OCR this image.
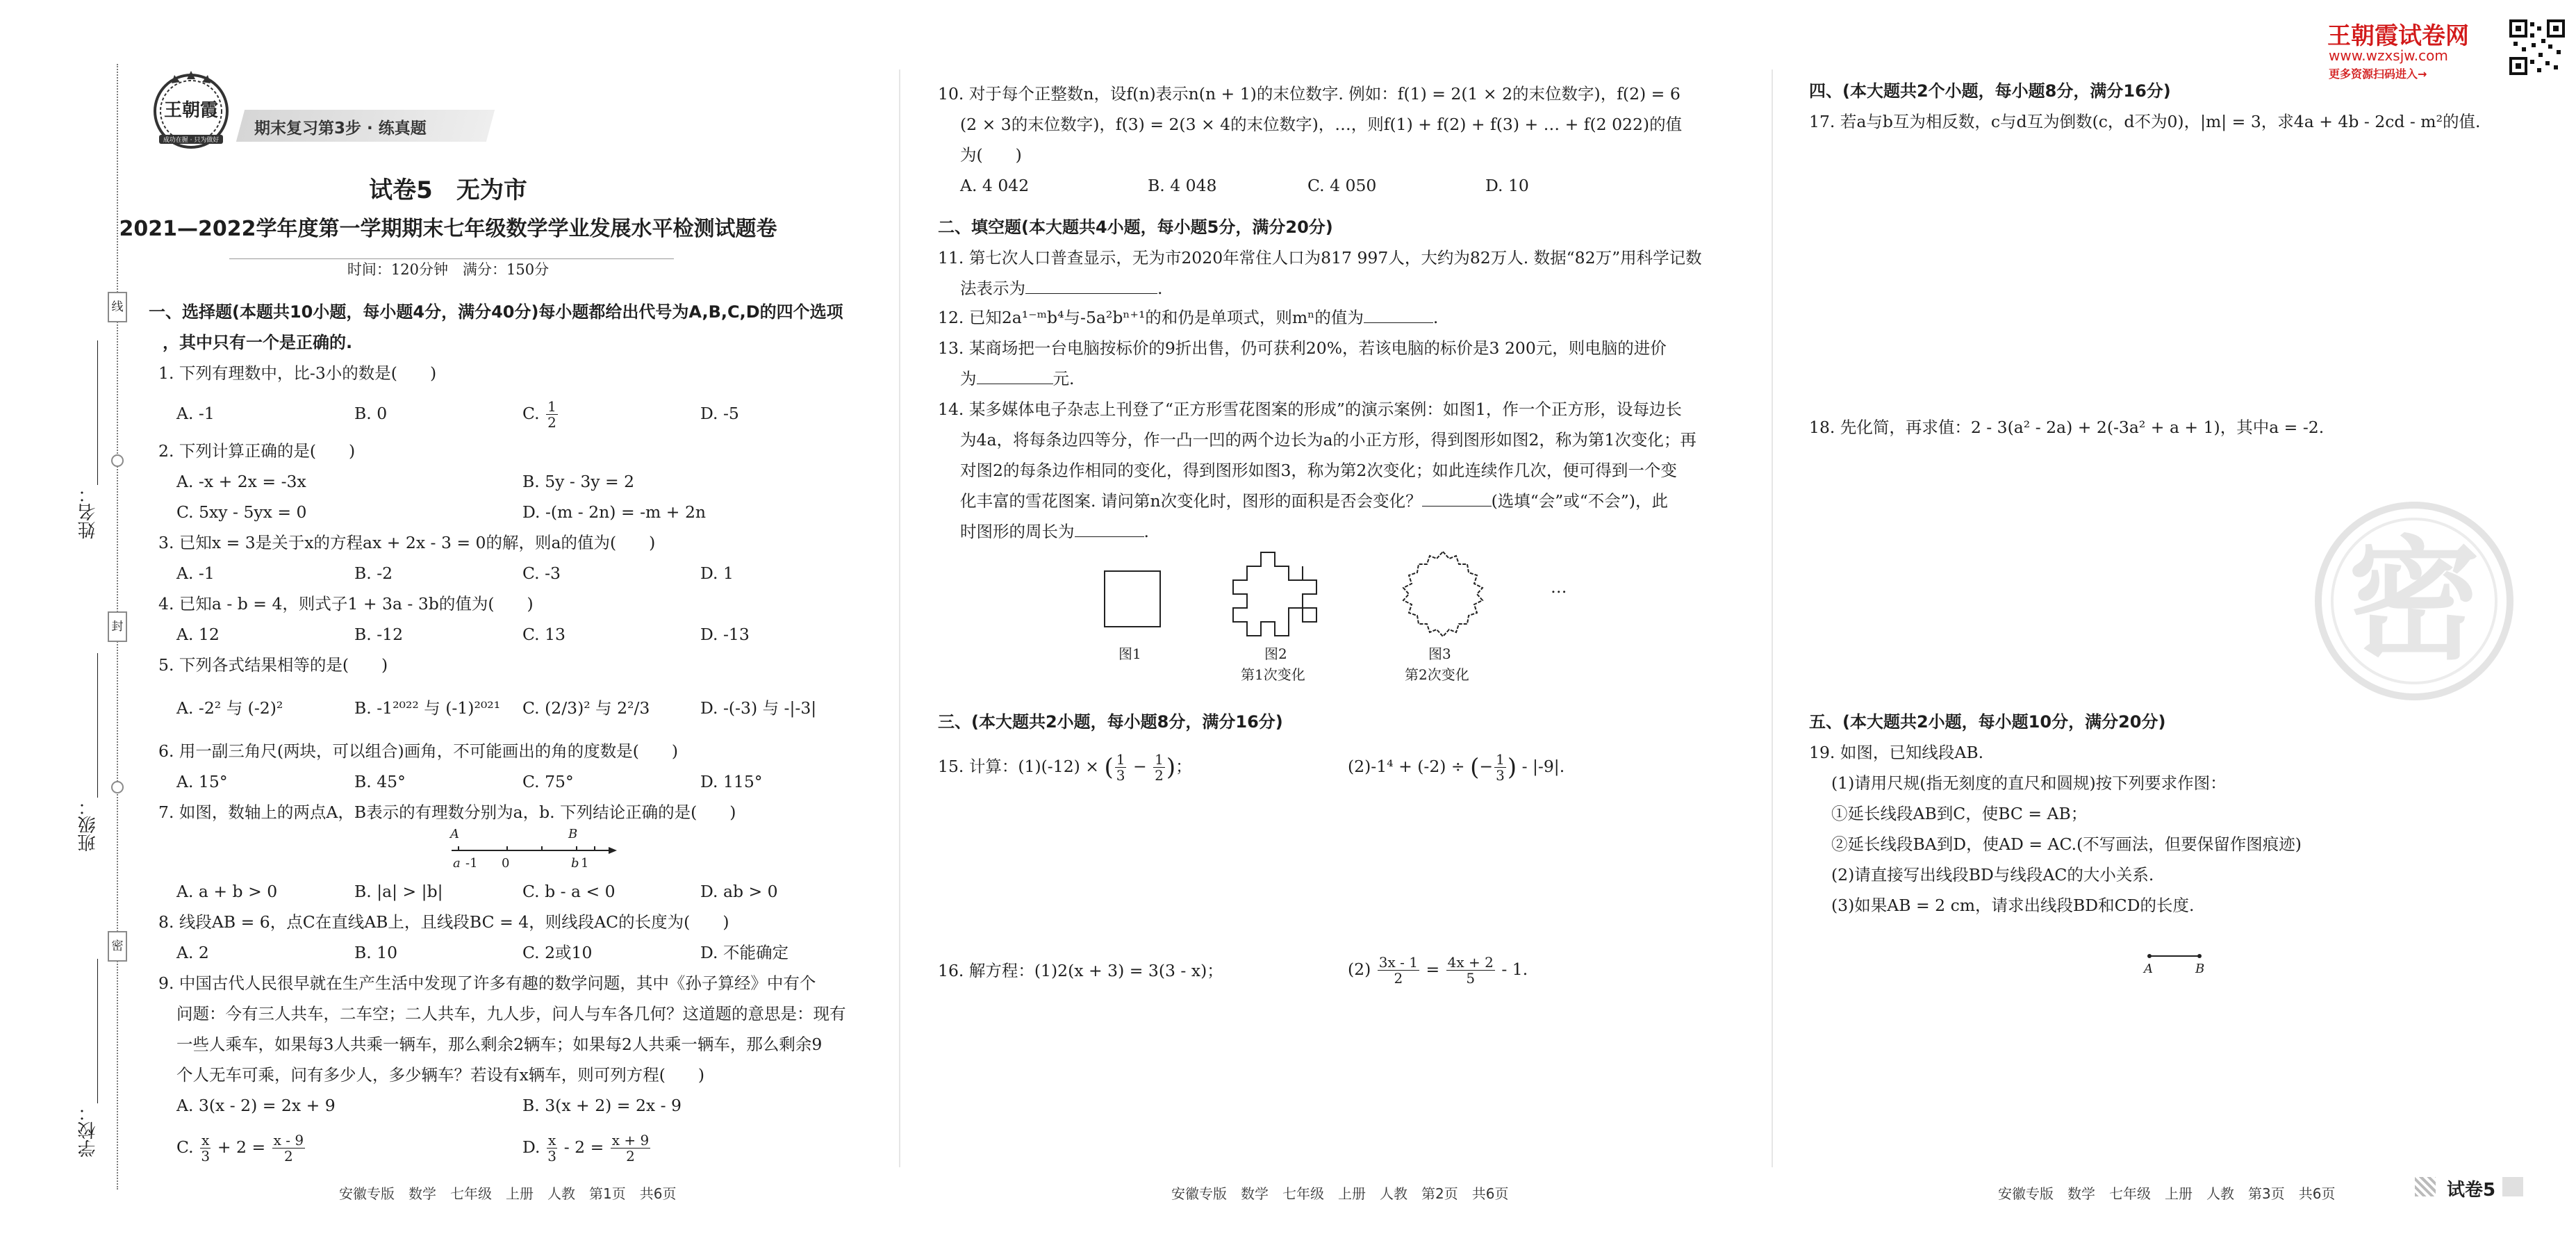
姓名：________________
班级：________________
学校：________________
线
封
密
王朝霞
成功在握 · 只为做好
期末复习第3步 · 练真题
试卷5　无为市
2021—2022学年度第一学期期末七年级数学学业发展水平检测试题卷
时间：120分钟　满分：150分
一、选择题(本题共10小题，每小题4分，满分40分)每小题都给出代号为A,B,C,D的四个选项
，其中只有一个是正确的.
1. 下列有理数中，比-3小的数是(　　)
A. -1	B. 0	C. $\frac{1}{2}$	D. -5
2. 下列计算正确的是(　　)
A. -x + 2x = -3x	B. 5y - 3y = 2
C. 5xy - 5yx = 0	D. -(m - 2n) = -m + 2n
3. 已知x = 3是关于x的方程ax + 2x - 3 = 0的解，则a的值为(　　)
A. -1	B. -2	C. -3	D. 1
4. 已知a - b = 4，则式子1 + 3a - 3b的值为(　　)
A. 12	B. -12	C. 13	D. -13
5. 下列各式结果相等的是(　　)
A. -2² 与 (-2)²	B. -1²⁰²² 与 (-1)²⁰²¹ C. (2/3)² 与 2²/3	D. -(-3) 与 -|-3|
6. 用一副三角尺(两块，可以组合)画角，不可能画出的角的度数是(　　)
A. 15°	B. 45°	C. 75°	D. 115°
7. 如图，数轴上的两点A，B表示的有理数分别为a，b. 下列结论正确的是(　　)
A	B
a -1 0	b 1
A. a + b > 0	B. |a| > |b|	C. b - a < 0	D. ab > 0
8. 线段AB = 6，点C在直线AB上，且线段BC = 4，则线段AC的长度为(　　)
A. 2	B. 10	C. 2或10	D. 不能确定
9. 中国古代人民很早就在生产生活中发现了许多有趣的数学问题，其中《孙子算经》中有个
问题：今有三人共车，二车空；二人共车，九人步，问人与车各几何？这道题的意思是：现有
一些人乘车，如果每3人共乘一辆车，那么剩余2辆车；如果每2人共乘一辆车，那么剩余9
个人无车可乘，问有多少人，多少辆车？若设有x辆车，则可列方程(　　)
A. 3(x - 2) = 2x + 9	B. 3(x + 2) = 2x - 9
C. $\frac{x}{3} + 2 = \frac{x - 9}{2}$	D. $\frac{x}{3} - 2 = \frac{x + 9}{2}$
安徽专版　数学　七年级　上册　人教　第1页　共6页
10. 对于每个正整数n，设f(n)表示n(n + 1)的末位数字. 例如：f(1) = 2(1 × 2的末位数字)，f(2) = 6
(2 × 3的末位数字)，f(3) = 2(3 × 4的末位数字)，…，则f(1) + f(2) + f(3) + … + f(2 022)的值
为(　　)
A. 4 042	B. 4 048	C. 4 050	D. 10
二、填空题(本大题共4小题，每小题5分，满分20分)
11. 第七次人口普查显示，无为市2020年常住人口为817 997人，大约为82万人. 数据“82万”用科学记数
法表示为	.
12. 已知2a¹⁻ᵐb⁴与-5a²bⁿ⁺¹的和仍是单项式，则mⁿ的值为	.
13. 某商场把一台电脑按标价的9折出售，仍可获利20%，若该电脑的标价是3 200元，则电脑的进价
为	元.
14. 某多媒体电子杂志上刊登了“正方形雪花图案的形成”的演示案例：如图1，作一个正方形，设每边长
为4a，将每条边四等分，作一凸一凹的两个边长为a的小正方形，得到图形如图2，称为第1次变化；再
对图2的每条边作相同的变化，得到图形如图3，称为第2次变化；如此连续作几次，便可得到一个变
化丰富的雪花图案. 请问第n次变化时，图形的面积是否会变化？	(选填“会”或“不会”)，此
时图形的周长为	.
…
图1	图2
第1次变化
图3
第2次变化
三、(本大题共2小题，每小题8分，满分16分)
15. 计算：(1)(-12) × ( $\frac{1}{3} - \frac{1}{2}$ )；	(2)-1⁴ + (-2) ÷ (− $\frac{1}{3}$ ) - |-9|.
16. 解方程：(1)2(x + 3) = 3(3 - x)；	$(2) \frac{3x - 1}{2} = \frac{4x + 2}{5} - 1$.
安徽专版　数学　七年级　上册　人教　第2页　共6页
四、(本大题共2个小题，每小题8分，满分16分)
17. 若a与b互为相反数，c与d互为倒数(c，d不为0)，|m| = 3，求4a + 4b - 2cd - m²的值.
18. 先化简，再求值：2 - 3(a² - 2a) + 2(-3a² + a + 1)，其中a = -2.
密
五、(本大题共2小题，每小题10分，满分20分)
19. 如图，已知线段AB.
(1)请用尺规(指无刻度的直尺和圆规)按下列要求作图：
①延长线段AB到C，使BC = AB；
②延长线段BA到D，使AD = AC.(不写画法，但要保留作图痕迹)
(2)请直接写出线段BD与线段AC的大小关系.
(3)如果AB = 2 cm，请求出线段BD和CD的长度.
A	B
安徽专版　数学　七年级　上册　人教　第3页　共6页	试卷5
王朝霞试卷网
www.wzxsjw.com
更多资源扫码进入→
